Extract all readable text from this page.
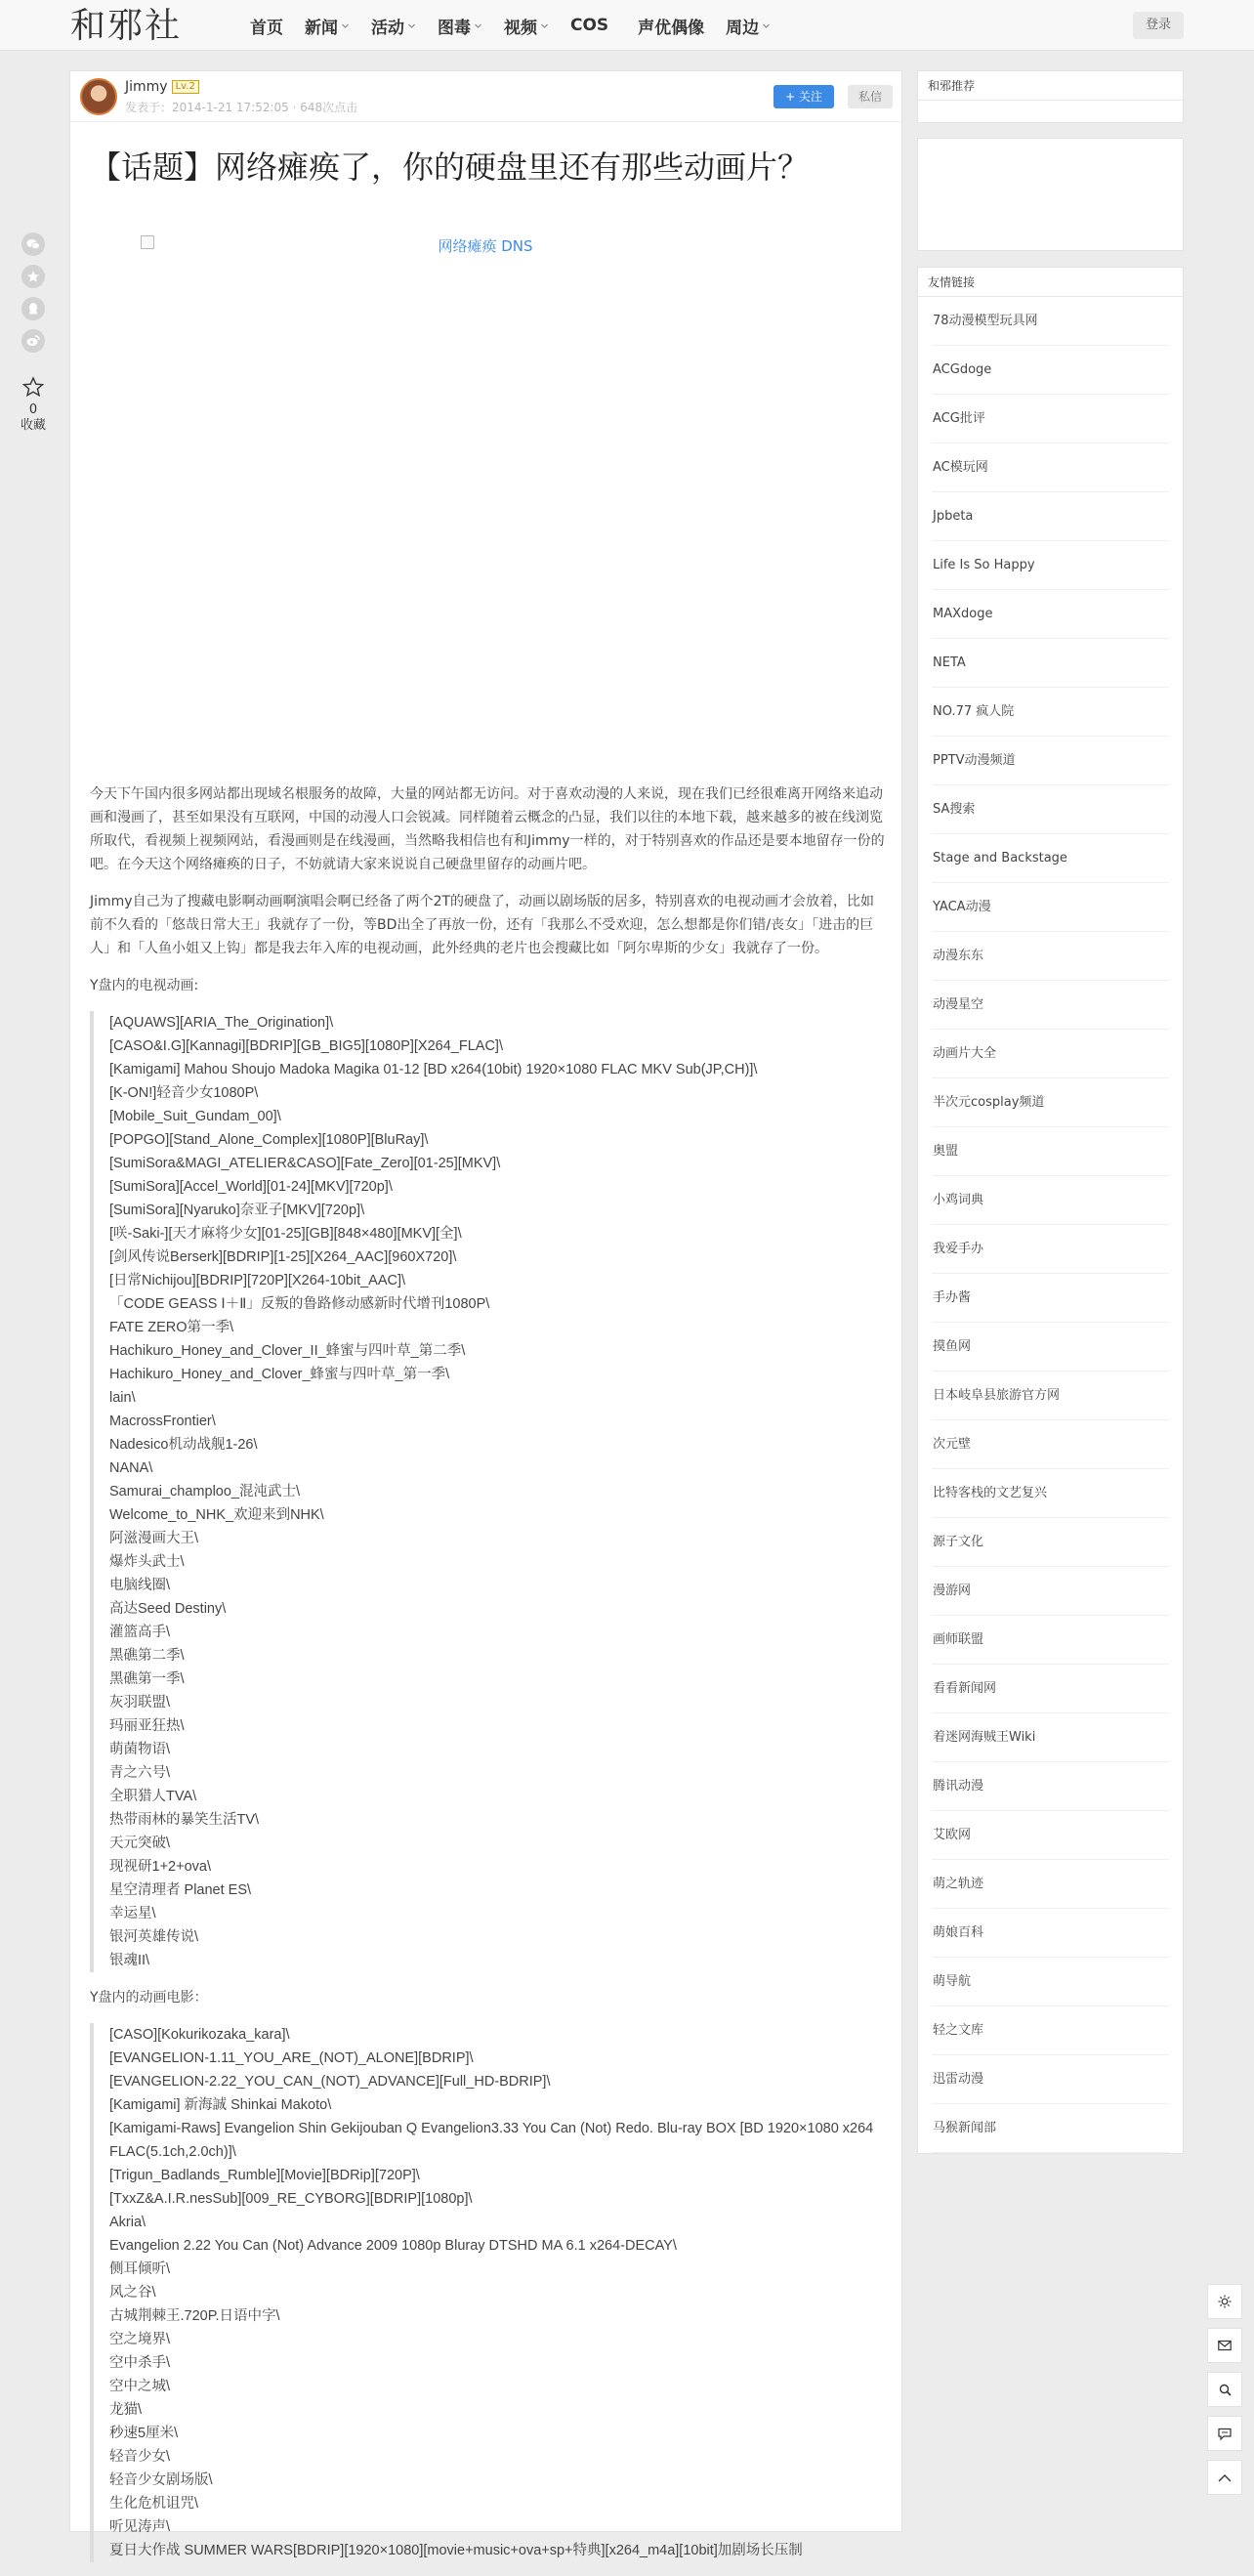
和邪社	首页 新闻 活动 图毒 视频 COS 声优偶像 周边	登录
0
收藏
Jimmy Lv.2
发表于：2014-1-21 17:52:05 · 648次点击
+ 关注	私信
【话题】网络瘫痪了，你的硬盘里还有那些动画片？
网络瘫痪 DNS

今天下午国内很多网站都出现域名根服务的故障，大量的网站都无访问。对于喜欢动漫的人来说，现在我们已经很难离开网络来追动画和漫画了，甚至如果没有互联网，中国的动漫人口会锐减。同样随着云概念的凸显，我们以往的本地下载，越来越多的被在线浏览所取代，看视频上视频网站，看漫画则是在线漫画，当然略我相信也有和Jimmy一样的，对于特别喜欢的作品还是要本地留存一份的吧。在今天这个网络瘫痪的日子，不妨就请大家来说说自己硬盘里留存的动画片吧。

Jimmy自己为了搜藏电影啊动画啊演唱会啊已经备了两个2T的硬盘了，动画以剧场版的居多，特别喜欢的电视动画才会放着，比如前不久看的「悠哉日常大王」我就存了一份，等BD出全了再放一份，还有「我那么不受欢迎，怎么想都是你们错/丧女」「进击的巨人」和「人鱼小姐又上钩」都是我去年入库的电视动画，此外经典的老片也会搜藏比如「阿尔卑斯的少女」我就存了一份。

Y盘内的电视动画:

[AQUAWS][ARIA_The_Origination]\
[CASO&I.G][Kannagi][BDRIP][GB_BIG5][1080P][X264_FLAC]\
[Kamigami] Mahou Shoujo Madoka Magika 01-12 [BD x264(10bit) 1920×1080 FLAC MKV Sub(JP,CH)]\
[K-ON!]轻音少女1080P\
[Mobile_Suit_Gundam_00]\
[POPGO][Stand_Alone_Complex][1080P][BluRay]\
[SumiSora&MAGI_ATELIER&CASO][Fate_Zero][01-25][MKV]\
[SumiSora][Accel_World][01-24][MKV][720p]\
[SumiSora][Nyaruko]奈亚子[MKV][720p]\
[咲-Saki-][天才麻将少女][01-25][GB][848×480][MKV][全]\
[剑风传说Berserk][BDRIP][1-25][X264_AAC][960X720]\
[日常Nichijou][BDRIP][720P][X264-10bit_AAC]\
「CODE GEASS Ⅰ＋Ⅱ」反叛的鲁路修动感新时代增刊1080P\
FATE ZERO第一季\
Hachikuro_Honey_and_Clover_II_蜂蜜与四叶草_第二季\
Hachikuro_Honey_and_Clover_蜂蜜与四叶草_第一季\
lain\
MacrossFrontier\
Nadesico机动战舰1-26\
NANA\
Samurai_champloo_混沌武士\
Welcome_to_NHK_欢迎来到NHK\
阿滋漫画大王\
爆炸头武士\
电脑线圈\
高达Seed Destiny\
灌篮高手\
黑礁第二季\
黑礁第一季\
灰羽联盟\
玛丽亚狂热\
萌菌物语\
青之六号\
全职猎人TVA\
热带雨林的暴笑生活TV\
天元突破\
现视研1+2+ova\
星空清理者 Planet ES\
幸运星\
银河英雄传说\
银魂II\

Y盘内的动画电影：

[CASO][Kokurikozaka_kara]\
[EVANGELION-1.11_YOU_ARE_(NOT)_ALONE][BDRIP]\
[EVANGELION-2.22_YOU_CAN_(NOT)_ADVANCE][Full_HD-BDRIP]\
[Kamigami] 新海誠 Shinkai Makoto\
[Kamigami-Raws] Evangelion Shin Gekijouban Q Evangelion3.33 You Can (Not) Redo. Blu-ray BOX [BD 1920×1080 x264 FLAC(5.1ch,2.0ch)]\
[Trigun_Badlands_Rumble][Movie][BDRip][720P]\
[TxxZ&A.I.R.nesSub][009_RE_CYBORG][BDRIP][1080p]\
Akria\
Evangelion 2.22 You Can (Not) Advance 2009 1080p Bluray DTSHD MA 6.1 x264-DECAY\
侧耳倾听\
风之谷\
古城荆棘王.720P.日语中字\
空之境界\
空中杀手\
空中之城\
龙猫\
秒速5厘米\
轻音少女\
轻音少女剧场版\
生化危机诅咒\
听见涛声\
夏日大作战 SUMMER WARS[BDRIP][1920×1080][movie+music+ova+sp+特典][x264_m4a][10bit]加剧场长压制
和邪推荐
友情链接
78动漫模型玩具网
ACGdoge
ACG批评
AC模玩网
Jpbeta
Life Is So Happy
MAXdoge
NETA
NO.77 疯人院
PPTV动漫频道
SA搜索
Stage and Backstage
YACA动漫
动漫东东
动漫星空
动画片大全
半次元cosplay频道
奥盟
小鸡词典
我爱手办
手办酱
摸鱼网
日本岐阜县旅游官方网
次元壁
比特客栈的文艺复兴
源子文化
漫游网
画师联盟
看看新闻网
着迷网海贼王Wiki
腾讯动漫
艾欧网
萌之轨迹
萌娘百科
萌导航
轻之文库
迅雷动漫
马猴新闻部
